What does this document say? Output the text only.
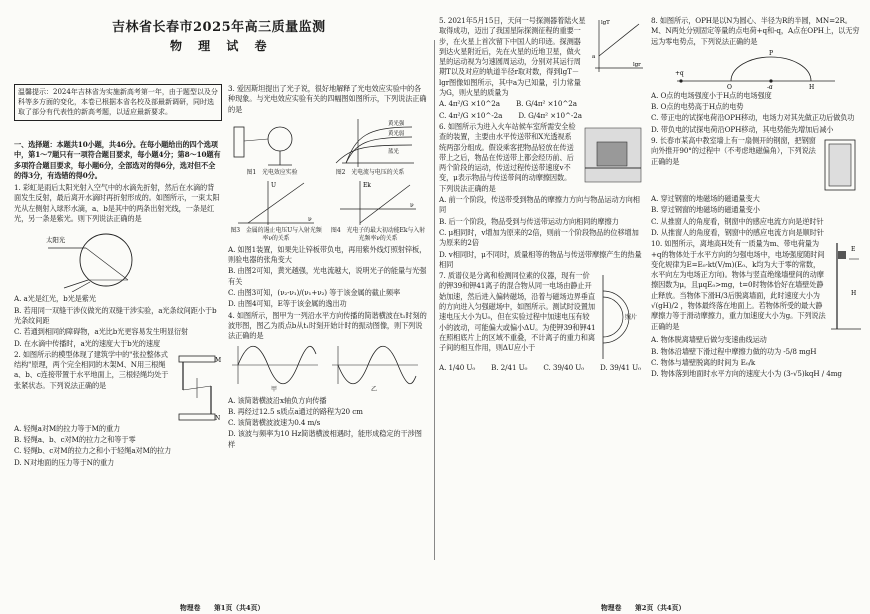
吉林省长春市2025年高三质量监测
物 理 试 卷
温馨提示：2024年吉林省为实施新高考第一年，由于题型以及分科等多方面的变化，本卷已根据本省名校及部最新调研，同时选取了部分有代表性的新高考题，以适应最新要求。

一、选择题：本题共10小题，共46分。在每小题给出的四个选项中，第1～7题只有一项符合题目要求，每小题4分；第8～10题有多项符合题目要求，每小题6分，全部选对的得6分，选对但不全的得3分，有选错的得0分。

1. 彩虹是雨后太阳光射入空气中的水滴先折射，然后在水滴的背面发生反射，最后离开水滴时再折射形成的。如图所示，一束太阳光从左侧射入球形水滴，a、b是其中的两条出射光线，一条是红光，另一条是紫光。则下列说法正确的是

太阳光

A. a光是红光，b光是紫光

B. 若用同一双缝干涉仪做光的双缝干涉实验，a光条纹间距小于b光条纹间距

C. 若通到相同的障碍物，a光比b光更容易发生明显衍射

D. 在水滴中传播时，a光的速度大于b光的速度

2. 如图所示的模型体现了建筑学中的"张拉整体式结构"原理，两个完全相同的木架M、N用三根绳a、b、c连接带置于水平地面上，三根轻绳均处于张紧状态。下列说法正确的是

M
N

A. 轻绳a对M的拉力等于M的重力

B. 轻绳a、b、c对M的拉力之和等于零

C. 轻绳b、c对M的拉力之和小于轻绳a对M的拉力

D. N对地面的压力等于N的重力

3. 爱因斯坦提出了光子说，很好地解释了光电效应实验中的各种现象。与光电效应实验有关的四幅图如图所示，下列说法正确的是

图1　光电效应实验
黄光强
黄光弱
蓝光
图2　光电流与电压的关系
U
ν
图3　金属的遏止电压U与入射光频率ν的关系
Ek
ν
图4　光电子的最大初动能Ek与入射光频率ν的关系

A. 如图1装置，如果先让锌板带负电，再用紫外线灯照射锌板，则验电器的张角变大

B. 由图2可知，黄光越强，光电流越大，说明光子的能量与光强有关

C. 由图3可知，(ν₂-ν₁)/(ν₁+ν₂) 等于该金属的截止频率

D. 由图4可知，E等于该金属的逸出功

4. 如图所示，图甲为一列沿水平方向传播的简谐横波在t₁时刻的波形图，图乙为质点b从t₁时刻开始计时的振动图像，则下列说法正确的是

甲	乙

A. 该简谐横波沿x轴负方向传播

B. 再经过12.5 s质点a通过的路程为20 cm

C. 该简谐横波波速为0.4 m/s

D. 该波与频率为10 Hz简谐横波相遇时，能形成稳定的干涉图样

物理卷　　第1页（共4页）

5. 2021年5月15日，天问一号探测器着陆火星取得成功，迈出了我国星际探测征程的重要一步，在火星上首次留下中国人的印迹。探测器到达火星附近后，先在火星的近地卫星，做火星的运动视为匀速圆周运动，分别对其运行周期T以及对应的轨道半径r取对数，得到lgT－lgr图像如图所示，其中a为已知量，引力常量为G，则火星的质量为

lgT
lgr
a

A. 4π²/G ×10^2a B. G/4π² ×10^2a

C. 4π²/G ×10^-2a D. G/4π² ×10^-2a

6. 如图所示为进入火车站候车室所需安全检查的装置，主要由水平传送带和X光透视系统两部分组成。假设乘客把物品轻放在传送带上之后，物品在传送带上都会经历前、后两个阶段的运动，传送过程传送带速度v不变，μ表示物品与传送带间的动摩擦因数。下列说法正确的是

A. 前一个阶段，传送带受到物品的摩擦力方向与物品运动方向相同

B. 后一个阶段，物品受到与传送带运动方向相同的摩擦力

C. μ相同时，v增加为原来的2倍，则前一个阶段物品的位移增加为原来的2倍

D. v相同时，μ不同时，质量相等的物品与传送带摩擦产生的热量相同

7. 质谱仪是分离和检测同位素的仪器，现有一价的钾39和钾41离子的混合物从同一电场由静止开始加速，然后进入偏转磁场，沿着与磁场边界垂直的方向进入匀强磁场中，如图所示。测试时设置加速电压大小为U₀，但在实验过程中加速电压有较小的波动，可能偏大或偏小ΔU。为使钾39和钾41在照相底片上的区域不重叠，不计离子的重力和离子间的相互作用，则ΔU应小于

照片

A. 1/40 U₀ B. 2/41 U₀ C. 39/40 U₀ D. 39/41 U₀

8. 如图所示，OPH是以N为圆心、半径为R的半圆，MN=2R。M、N两处分别固定等量的点电荷+q和-q，A点在OPH上，以无穷远为零电势点，下列说法正确的是

+q
-q
O	H
P

A. O点的电场强度小于H点的电场强度

B. O点的电势高于H点的电势

C. 带正电的试探电荷沿OPH移动，电场力对其先做正功后做负功

D. 带负电的试探电荷沿OPH移动，其电势能先增加后减小

9. 长春市某高中教室墙上有一扇侧开的钢窗，把钢窗向外推开90°的过程中（不考虑地磁偏角），下列说法正确的是

A. 穿过钢窗的地磁场的磁通量变大

B. 穿过钢窗的地磁场的磁通量变小

C. 从推窗人的角度看，钢窗中的感应电流方向是逆时针

D. 从推窗人的角度看，钢窗中的感应电流方向是顺时针

10. 如图所示，离地高H处有一质量为m、带电荷量为+q的物体处于水平方向的匀强电场中，电场强度随时间变化规律为E=E₀-kt(V/m)(E₀、k均为大于零的常数，水平向左为电场正方向)。物体与竖直绝缘墙壁间的动摩擦因数为μ，且μqE₀>mg，t=0时物体恰好在墙壁处静止释放。当物体下滑H/3后脱离墙面，此时速度大小为 √(gH)/2 ，物体最终落在地面上。若物体所受的最大静摩擦力等于滑动摩擦力，重力加速度大小为g。下列说法正确的是

E
H

A. 物体脱离墙壁后做匀变速曲线运动

B. 物体沿墙壁下滑过程中摩擦力做的功为 -5/8 mgH

C. 物体与墙壁脱离的时间为 E₀/k

D. 物体落到地面时水平方向的速度大小为 (3-√5)kqH / 4mg

物理卷　　第2页（共4页）
